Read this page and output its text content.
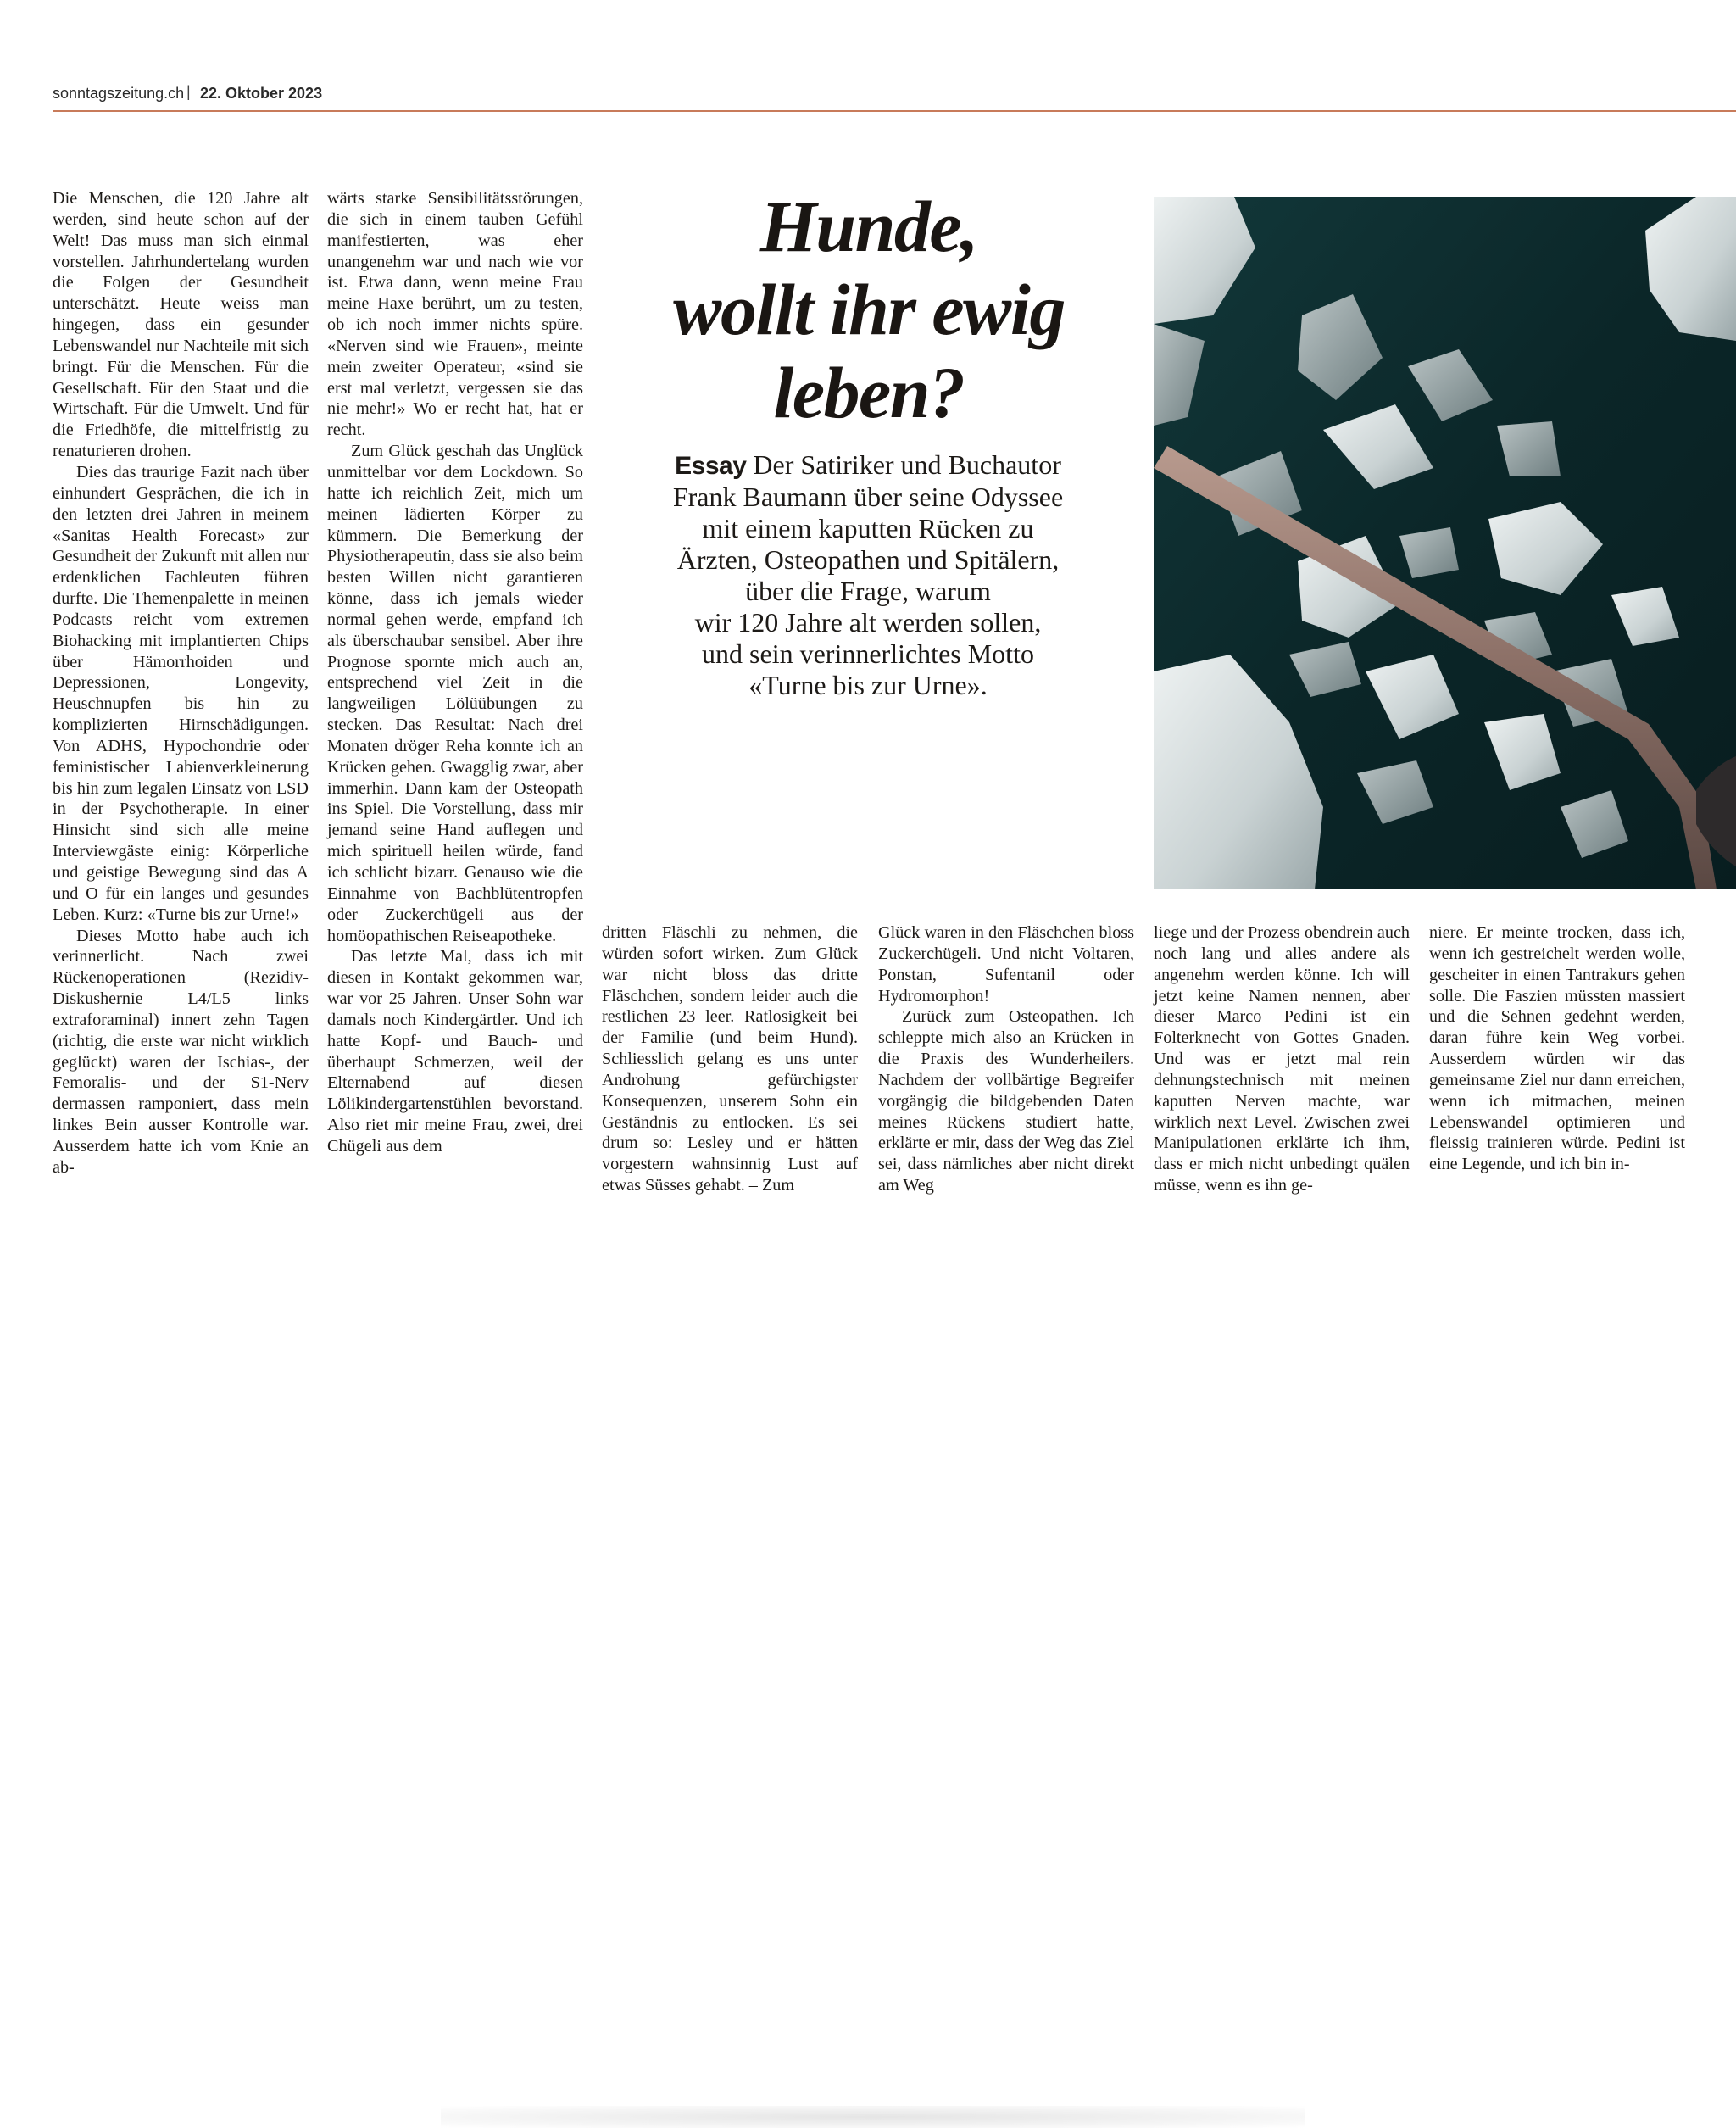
sonntagszeitung.ch | 22. Oktober 2023

Die Menschen, die 120 Jahre alt werden, sind heute schon auf der Welt! Das muss man sich einmal vorstellen. Jahrhundertelang wurden die Folgen der Gesundheit unterschätzt. Heute weiss man hingegen, dass ein gesunder Lebenswandel nur Nachteile mit sich bringt. Für die Menschen. Für die Gesellschaft. Für den Staat und die Wirtschaft. Für die Umwelt. Und für die Friedhöfe, die mittelfristig zu renaturieren drohen.

Dies das traurige Fazit nach über einhundert Gesprächen, die ich in den letzten drei Jahren in meinem «Sanitas Health Forecast» zur Gesundheit der Zukunft mit allen nur erdenklichen Fachleuten führen durfte. Die Themenpalette in meinen Podcasts reicht vom extremen Biohacking mit implantierten Chips über Hämorrhoiden und Depressionen, Longevity, Heuschnupfen bis hin zu komplizierten Hirnschädigungen. Von ADHS, Hypochondrie oder feministischer Labienverkleinerung bis hin zum legalen Einsatz von LSD in der Psychotherapie. In einer Hinsicht sind sich alle meine Interviewgäste einig: Körperliche und geistige Bewegung sind das A und O für ein langes und gesundes Leben. Kurz: «Turne bis zur Urne!»

Dieses Motto habe auch ich verinnerlicht. Nach zwei Rückenoperationen (Rezidiv-Diskushernie L4/L5 links extraforaminal) innert zehn Tagen (richtig, die erste war nicht wirklich geglückt) waren der Ischias-, der Femoralis- und der S1-Nerv dermassen ramponiert, dass mein linkes Bein ausser Kontrolle war. Ausserdem hatte ich vom Knie an ab-

wärts starke Sensibilitätsstörungen, die sich in einem tauben Gefühl manifestierten, was eher unangenehm war und nach wie vor ist. Etwa dann, wenn meine Frau meine Haxe berührt, um zu testen, ob ich noch immer nichts spüre. «Nerven sind wie Frauen», meinte mein zweiter Operateur, «sind sie erst mal verletzt, vergessen sie das nie mehr!» Wo er recht hat, hat er recht.

Zum Glück geschah das Unglück unmittelbar vor dem Lockdown. So hatte ich reichlich Zeit, mich um meinen lädierten Körper zu kümmern. Die Bemerkung der Physiotherapeutin, dass sie also beim besten Willen nicht garantieren könne, dass ich jemals wieder normal gehen werde, empfand ich als überschaubar sensibel. Aber ihre Prognose spornte mich auch an, entsprechend viel Zeit in die langweiligen Lölüübungen zu stecken. Das Resultat: Nach drei Monaten dröger Reha konnte ich an Krücken gehen. Gwagglig zwar, aber immerhin. Dann kam der Osteopath ins Spiel. Die Vorstellung, dass mir jemand seine Hand auflegen und mich spirituell heilen würde, fand ich schlicht bizarr. Genauso wie die Einnahme von Bachblütentropfen oder Zuckerchügeli aus der homöopathischen Reiseapotheke.

Das letzte Mal, dass ich mit diesen in Kontakt gekommen war, war vor 25 Jahren. Unser Sohn war damals noch Kindergärtler. Und ich hatte Kopf- und Bauch- und überhaupt Schmerzen, weil der Elternabend auf diesen Lölikindergartenstühlen bevorstand. Also riet mir meine Frau, zwei, drei Chügeli aus dem

Hunde,
wollt ihr ewig
leben?
Essay Der Satiriker und Buchautor
Frank Baumann über seine Odyssee
mit einem kaputten Rücken zu
Ärzten, Osteopathen und Spitälern,
über die Frage, warum
wir 120 Jahre alt werden sollen,
und sein verinnerlichtes Motto
«Turne bis zur Urne».

dritten Fläschli zu nehmen, die würden sofort wirken. Zum Glück war nicht bloss das dritte Fläschchen, sondern leider auch die restlichen 23 leer. Ratlosigkeit bei der Familie (und beim Hund). Schliesslich gelang es uns unter Androhung gefürchigster Konsequenzen, unserem Sohn ein Geständnis zu entlocken. Es sei drum so: Lesley und er hätten vorgestern wahnsinnig Lust auf etwas Süsses gehabt. – Zum

Glück waren in den Fläschchen bloss Zuckerchügeli. Und nicht Voltaren, Ponstan, Sufentanil oder Hydromorphon!

Zurück zum Osteopathen. Ich schleppte mich also an Krücken in die Praxis des Wunderheilers. Nachdem der vollbärtige Begreifer vorgängig die bildgebenden Daten meines Rückens studiert hatte, erklärte er mir, dass der Weg das Ziel sei, dass nämliches aber nicht direkt am Weg

liege und der Prozess obendrein auch noch lang und alles andere als angenehm werden könne. Ich will jetzt keine Namen nennen, aber dieser Marco Pedini ist ein Folterknecht von Gottes Gnaden. Und was er jetzt mal rein dehnungstechnisch mit meinen kaputten Nerven machte, war wirklich next Level. Zwischen zwei Manipulationen erklärte ich ihm, dass er mich nicht unbedingt quälen müsse, wenn es ihn ge-

niere. Er meinte trocken, dass ich, wenn ich gestreichelt werden wolle, gescheiter in einen Tantrakurs gehen solle. Die Faszien müssten massiert und die Sehnen gedehnt werden, daran führe kein Weg vorbei. Ausserdem würden wir das gemeinsame Ziel nur dann erreichen, wenn ich mitmachen, meinen Lebenswandel optimieren und fleissig trainieren würde. Pedini ist eine Legende, und ich bin in-
